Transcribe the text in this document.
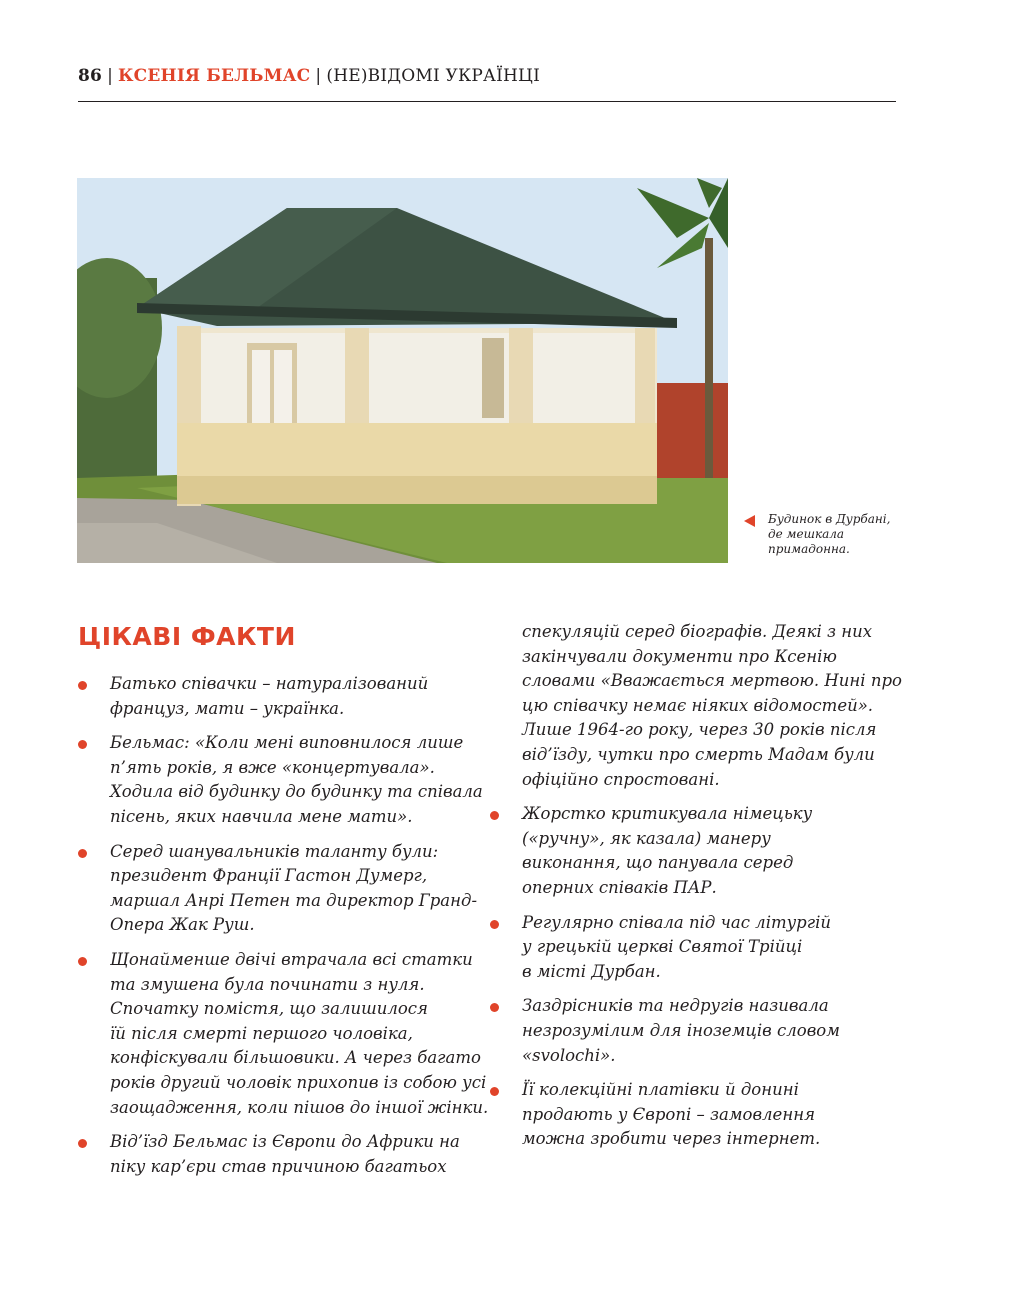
86 | КСЕНІЯ БЕЛЬМАС | (НЕ)ВІДОМІ УКРАЇНЦІ
Будинок в Дурбані,
де мешкала
примадонна.
ЦІКАВІ ФАКТИ
Батько співачки – натуралізований
француз, мати – українка.
Бельмас: «Коли мені виповнилося лише
п’ять років, я вже «концертувала».
Ходила від будинку до будинку та співала
пісень, яких навчила мене мати».
Серед шанувальників таланту були:
президент Франції Гастон Думерг,
маршал Анрі Петен та директор Гранд-
Опера Жак Руш.
Щонайменше двічі втрачала всі статки
та змушена була починати з нуля.
Спочатку помістя, що залишилося
їй після смерті першого чоловіка,
конфіскували більшовики. А через багато
років другий чоловік прихопив із собою усі
заощадження, коли пішов до іншої жінки.
Від’їзд Бельмас із Європи до Африки на
піку кар’єри став причиною багатьох
спекуляцій серед біографів. Деякі з них
закінчували документи про Ксенію
словами «Вважається мертвою. Нині про
цю співачку немає ніяких відомостей».
Лише 1964-го року, через 30 років після
від’їзду, чутки про смерть Мадам були
офіційно спростовані.
Жорстко критикувала німецьку
(«ручну», як казала) манеру
виконання, що панувала серед
оперних співаків ПАР.
Регулярно співала під час літургій
у грецькій церкві Святої Трійці
в місті Дурбан.
Заздрісників та недругів називала
незрозумілим для іноземців словом
«svolochi».
Її колекційні платівки й донині
продають у Європі – замовлення
можна зробити через інтернет.
